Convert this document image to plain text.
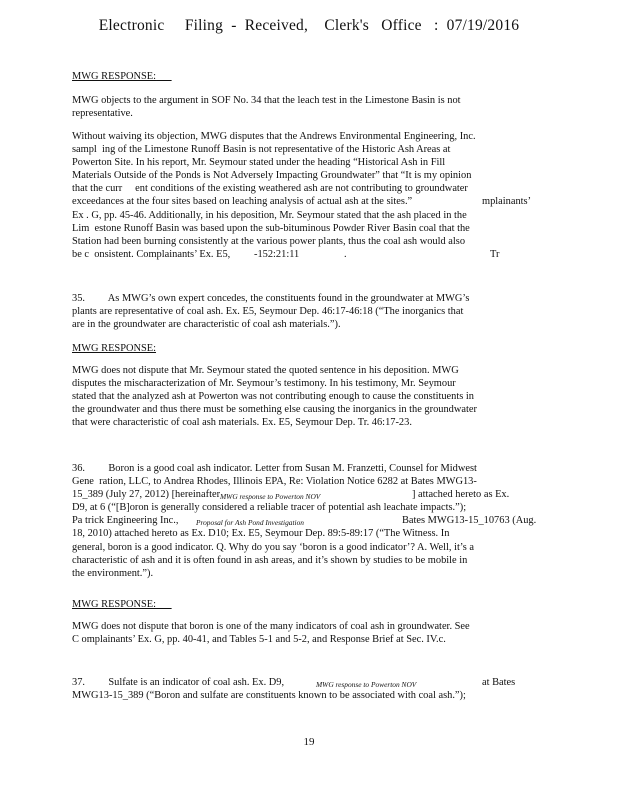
Electronic     Filing  -  Received,    Clerk's   Office   :  07/19/2016
MWG RESPONSE:
MWG objects to the argument in SOF No. 34 that the leach test in the Limestone Basin is not
representative.
Without waiving its objection, MWG disputes that the Andrews Environmental Engineering, Inc.
sampl  ing of the Limestone Runoff Basin is not representative of the Historic Ash Areas at
Powerton Site. In his report, Mr. Seymour stated under the heading “Historical Ash in Fill
Materials Outside of the Ponds is Not Adversely Impacting Groundwater” that “It is my opinion
that the curr     ent conditions of the existing weathered ash are not contributing to groundwater

exceedances at the four sites based on leaching analysis of actual ash at the sites.”

	mplainants’

Ex . G, pp. 45-46. Additionally, in his deposition, Mr. Seymour stated that the ash placed in the
Lim  estone Runoff Basin was based upon the sub-bituminous Powder River Basin coal that the
Station had been burning consistently at the various power plants, thus the coal ash would also

be c  onsistent. Complainants’ Ex. E5,

-152:21:11

	.

	Tr

35.         As MWG’s own expert concedes, the constituents found in the groundwater at MWG’s
plants are representative of coal ash. Ex. E5, Seymour Dep. 46:17-46:18 (“The inorganics that
are in the groundwater are characteristic of coal ash materials.”).
MWG RESPONSE:
MWG does not dispute that Mr. Seymour stated the quoted sentence in his deposition. MWG
disputes the mischaracterization of Mr. Seymour’s testimony. In his testimony, Mr. Seymour
stated that the analyzed ash at Powerton was not contributing enough to cause the constituents in
the groundwater and thus there must be something else causing the inorganics in the groundwater
that were characteristic of coal ash materials. Ex. E5, Seymour Dep. Tr. 46:17-23.
36.         Boron is a good coal ash indicator. Letter from Susan M. Franzetti, Counsel for Midwest
Gene  ration, LLC, to Andrea Rhodes, Illinois EPA, Re: Violation Notice 6282 at Bates MWG13-

15_389 (July 27, 2012) [hereinafter

MWG response to Powerton NOV

	] attached hereto as Ex.

D9, at 6 (“[B]oron is generally considered a reliable tracer of potential ash leachate impacts.”);

Pa trick Engineering Inc.,

Proposal for Ash Pond Investigation

	Bates MWG13-15_10763 (Aug.

18, 2010) attached hereto as Ex. D10; Ex. E5, Seymour Dep. 89:5-89:17 (“The Witness. In
general, boron is a good indicator. Q. Why do you say ‘boron is a good indicator’? A. Well, it’s a
characteristic of ash and it is often found in ash areas, and it’s shown by studies to be mobile in
the environment.”).
MWG RESPONSE:
MWG does not dispute that boron is one of the many indicators of coal ash in groundwater. See
C omplainants’ Ex. G, pp. 40-41, and Tables 5-1 and 5-2, and Response Brief at Sec. IV.c.

37.         Sulfate is an indicator of coal ash. Ex. D9,

	MWG response to Powerton NOV

	at Bates

MWG13-15_389 (“Boron and sulfate are constituents known to be associated with coal ash.”);
19
